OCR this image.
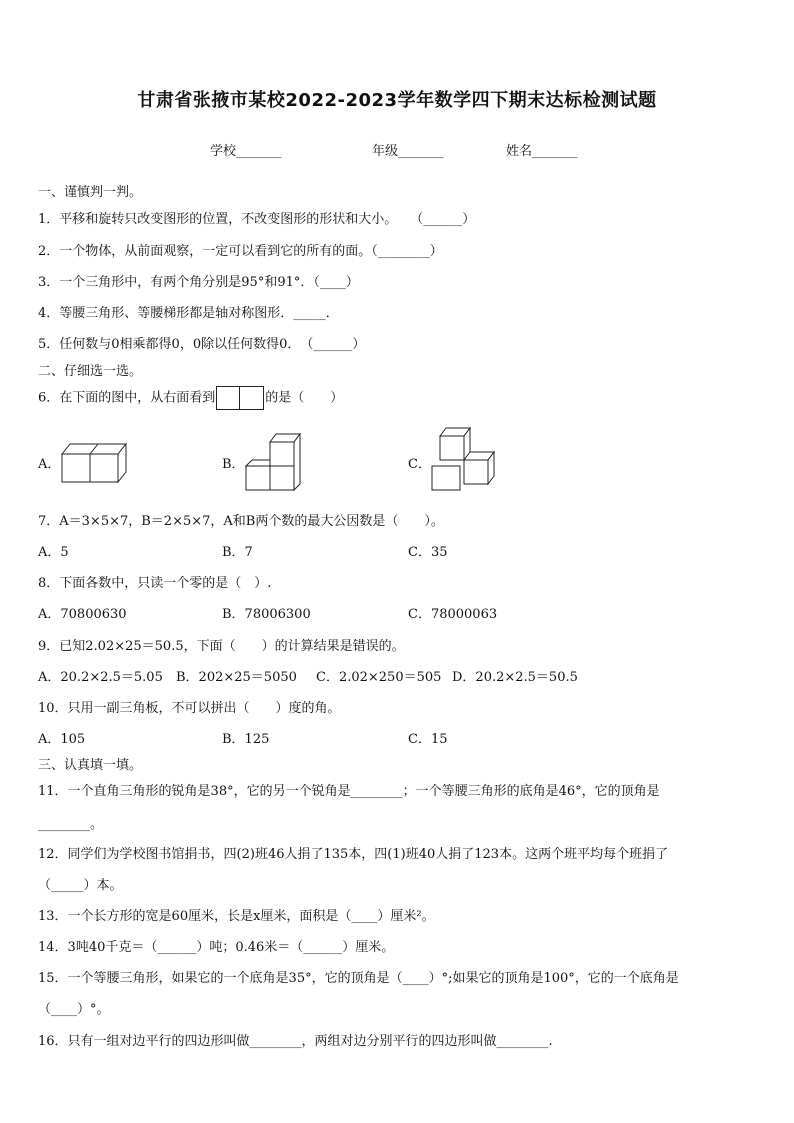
甘肃省张掖市某校2022-2023学年数学四下期末达标检测试题
学校_______	年级_______	姓名_______
一、谨慎判一判。
1．平移和旋转只改变图形的位置，不改变图形的形状和大小。　　（______）
2．一个物体，从前面观察，一定可以看到它的所有的面。（________）
3．一个三角形中，有两个角分别是95°和91°．（____）
4．等腰三角形、等腰梯形都是轴对称图形．_____．
5．任何数与0相乘都得0，0除以任何数得0．　（______）
二、仔细选一选。
6．在下面的图中，从右面看到	的是（　　）
A．	B．	C．
7．A＝3×5×7，B＝2×5×7，A和B两个数的最大公因数是（　　）。
A．5	B．7	C．35
8．下面各数中，只读一个零的是（　）.
A．70800630	B．78006300	C．78000063
9．已知2.02×25＝50.5，下面（　　）的计算结果是错误的。
A．20.2×2.5＝5.05 B．202×25＝5050 C．2.02×250＝505 D．20.2×2.5＝50.5
10．只用一副三角板，不可以拼出（　　）度的角。
A．105	B．125	C．15
三、认真填一填。
11．一个直角三角形的锐角是38°，它的另一个锐角是________；一个等腰三角形的底角是46°，它的顶角是
________。
12．同学们为学校图书馆捐书，四(2)班46人捐了135本，四(1)班40人捐了123本。这两个班平均每个班捐了
（_____）本。
13．一个长方形的宽是60厘米，长是x厘米，面积是（____）厘米²。
14．3吨40千克＝（______）吨；0.46米＝（______）厘米。
15．一个等腰三角形，如果它的一个底角是35°，它的顶角是（____）°;如果它的顶角是100°，它的一个底角是
（____）°。
16．只有一组对边平行的四边形叫做________，两组对边分别平行的四边形叫做________.
